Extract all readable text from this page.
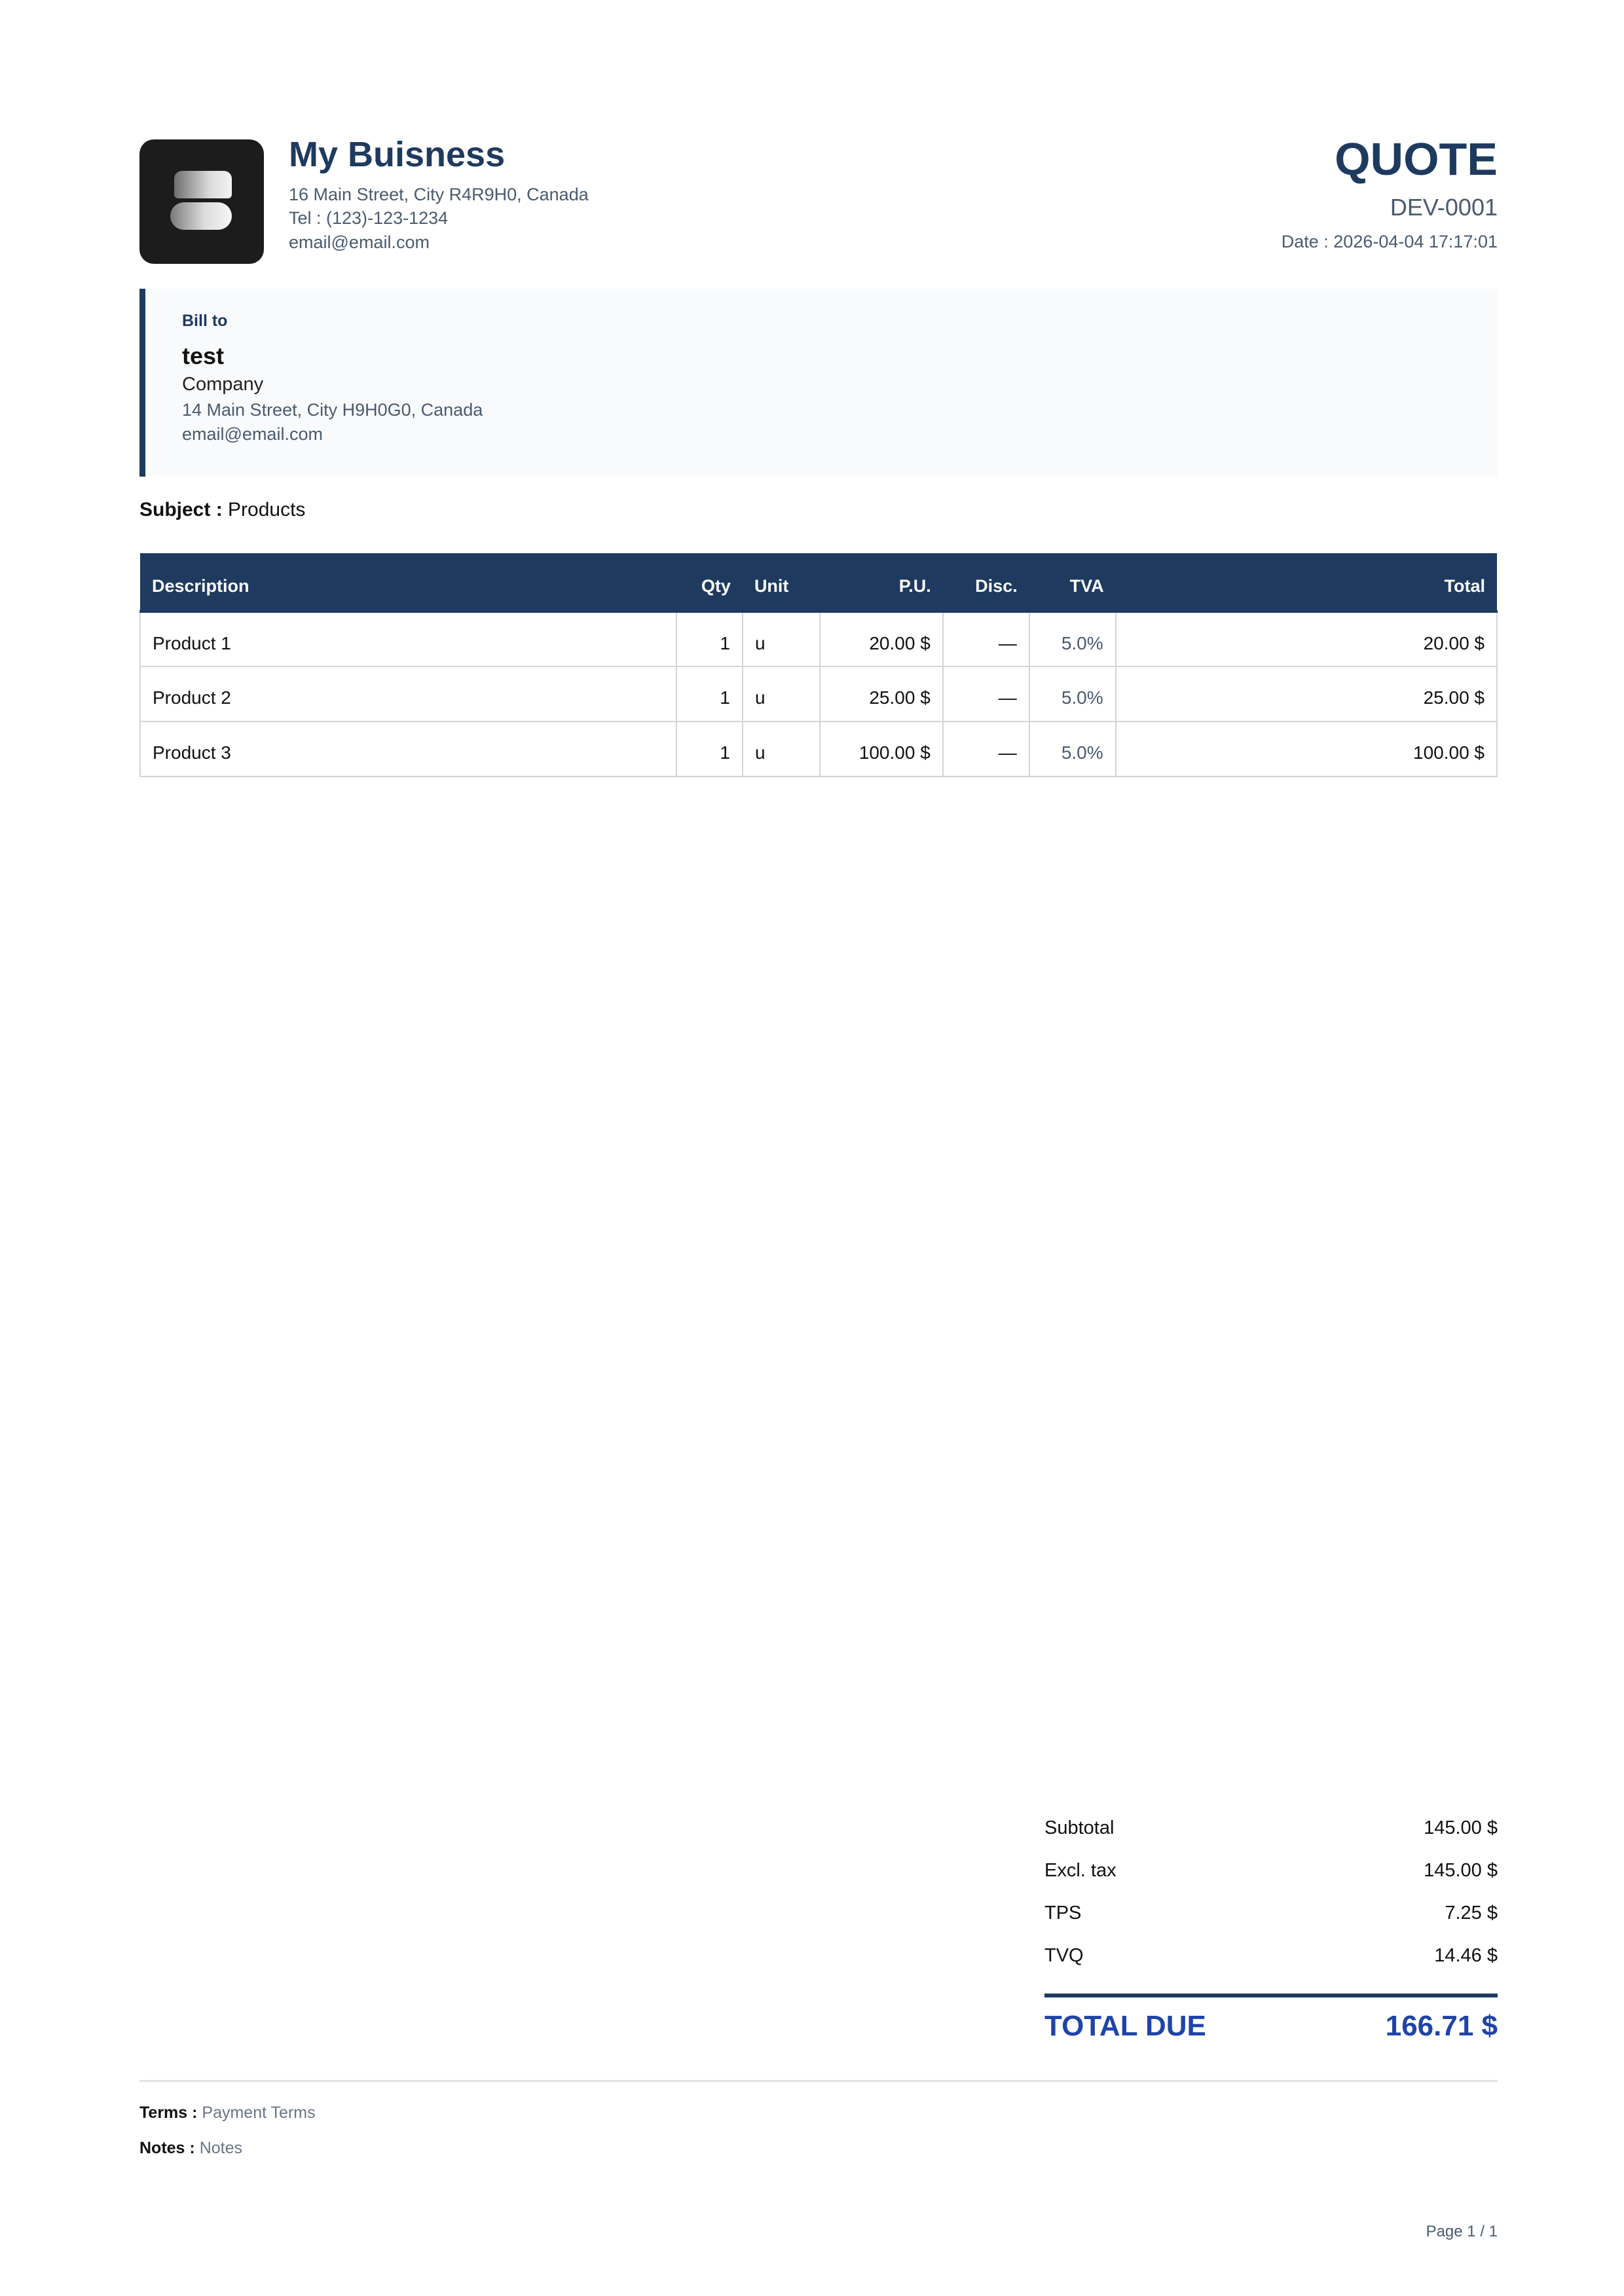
My Buisness
16 Main Street, City R4R9H0, Canada
Tel : (123)-123-1234
email@email.com
QUOTE
DEV-0001
Date : 2026-04-04 17:17:01
Bill to
test
Company
14 Main Street, City H9H0G0, Canada
email@email.com
Subject : Products
Description	Qty	Unit	P.U.	Disc.	TVA	Total
Product 1	1	u	20.00 $	—	5.0%	20.00 $
Product 2	1	u	25.00 $	—	5.0%	25.00 $
Product 3	1	u	100.00 $	—	5.0%	100.00 $
Subtotal	145.00 $
Excl. tax	145.00 $
TPS	7.25 $
TVQ	14.46 $
TOTAL DUE	166.71 $
Terms : Payment Terms
Notes : Notes
Page 1 / 1
